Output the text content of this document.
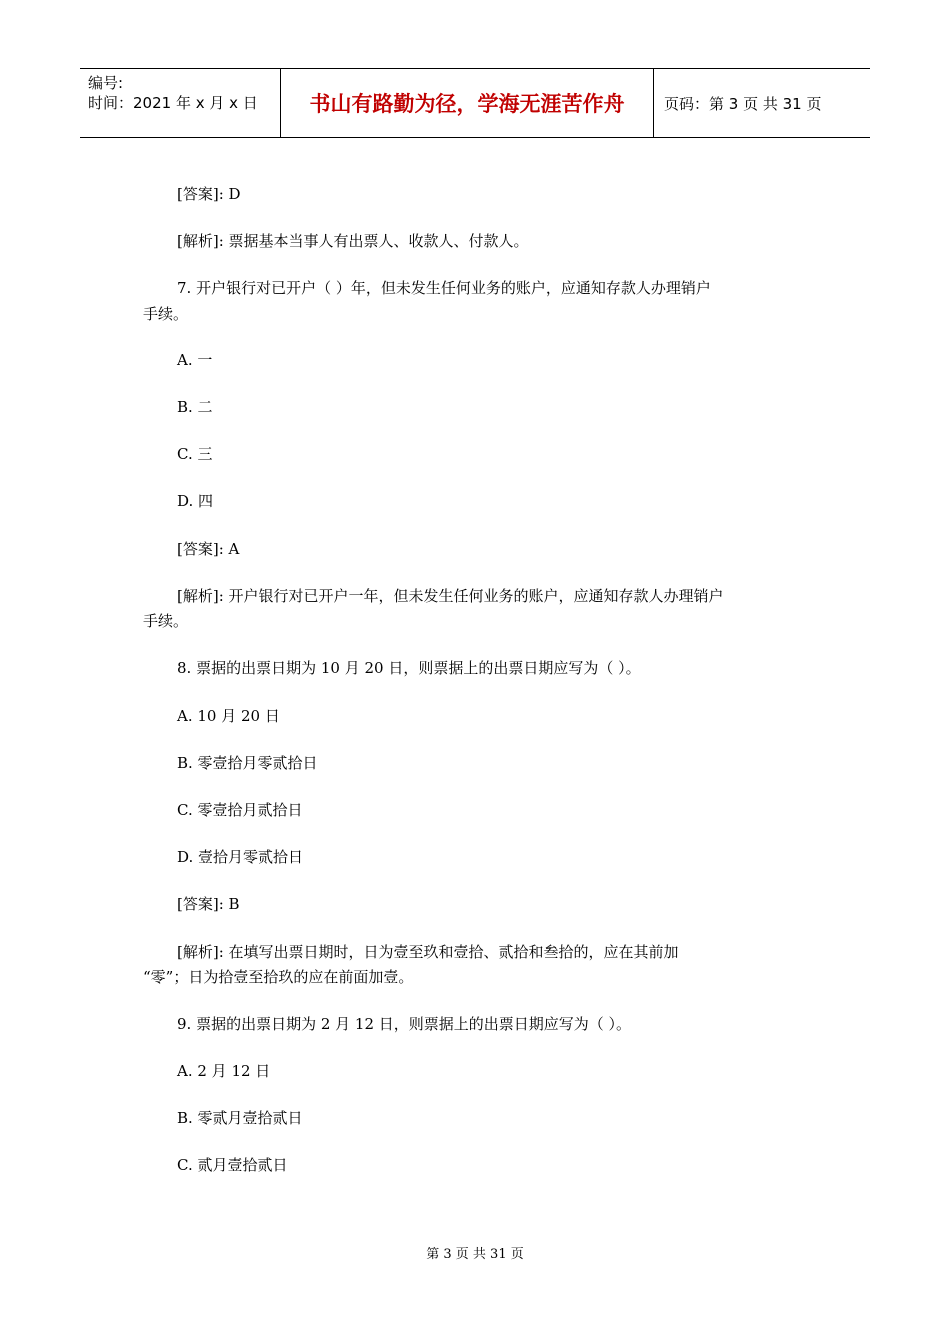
编号:
时间：2021 年 x 月 x 日	书山有路勤为径，学海无涯苦作舟	页码：第 3 页 共 31 页
[答案]: D
[解析]: 票据基本当事人有出票人、收款人、付款人。
7. 开户银行对已开户（ ）年，但未发生任何业务的账户，应通知存款人办理销户
手续。
A. 一
B. 二
C. 三
D. 四
[答案]: A
[解析]: 开户银行对已开户一年，但未发生任何业务的账户，应通知存款人办理销户
手续。
8. 票据的出票日期为 10 月 20 日，则票据上的出票日期应写为（ ）。
A. 10 月 20 日
B. 零壹拾月零贰拾日
C. 零壹拾月贰拾日
D. 壹拾月零贰拾日
[答案]: B
[解析]: 在填写出票日期时，日为壹至玖和壹拾、贰拾和叁拾的，应在其前加
“零”；日为拾壹至拾玖的应在前面加壹。
9. 票据的出票日期为 2 月 12 日，则票据上的出票日期应写为（ ）。
A. 2 月 12 日
B. 零贰月壹拾贰日
C. 贰月壹拾贰日
第 3 页 共 31 页
